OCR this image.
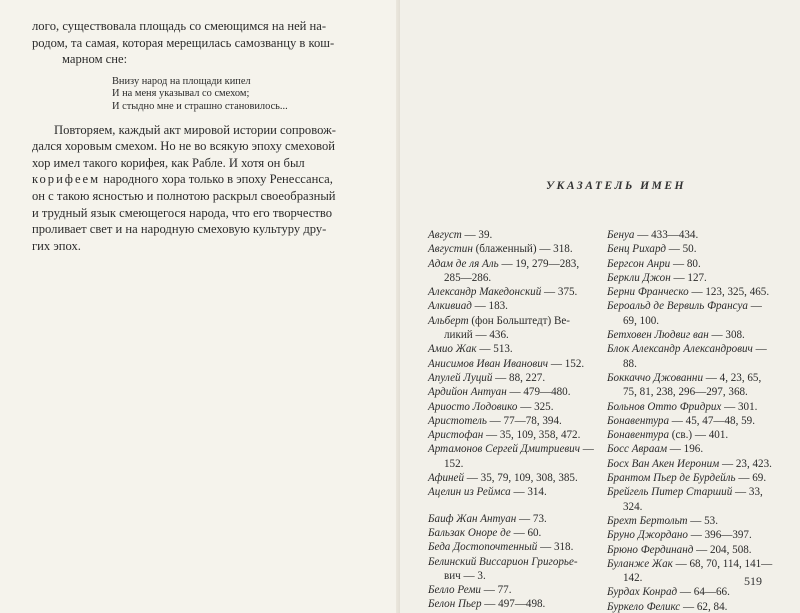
логo, существовала площадь со смеющимся на ней на-
родом, та самая, которая мерещилась самозванцу в кош-
марном сне:

Внизу народ на площади кипел
И на меня указывал со смехом;
И стыдно мне и страшно становилось...

Повторяем, каждый акт мировой истории сопровож-
дался хоровым смехом. Но не во всякую эпоху смеховой
хор имел такого корифея, как Рабле. И хотя он был
корифеем народного хора только в эпоху Ренессанса,
он с такою ясностью и полнотою раскрыл своеобразный
и трудный язык смеющегося народа, что его творчество
проливает свет и на народную смеховую культуру дру-
гих эпох.

УКАЗАТЕЛЬ ИМЕН
Август — 39.
Августин (блаженный) — 318.
Адам де ля Аль — 19, 279—283,
285—286.
Александр Македонский — 375.
Алкивиад — 183.
Альберт (фон Больштедт) Ве-
ликий — 436.
Амио Жак — 513.
Анисимов Иван Иванович — 152.
Апулей Луций — 88, 227.
Ардийон Антуан — 479—480.
Ариосто Лодовико — 325.
Аристотель — 77—78, 394.
Аристофан — 35, 109, 358, 472.
Артамонов Сергей Дмитриевич —
152.
Афиней — 35, 79, 109, 308, 385.
Ацелин из Реймса — 314.
Баиф Жан Антуан — 73.
Бальзак Оноре де — 60.
Беда Достопочтенный — 318.
Белинский Виссарион Григорье-
вич — 3.
Белло Реми — 77.
Белон Пьер — 497—498.
Бенуа — 433—434.
Бенц Рихард — 50.
Бергсон Анри — 80.
Беркли Джон — 127.
Берни Франческо — 123, 325, 465.
Бероальд де Вервиль Франсуа —
69, 100.
Бетховен Людвиг ван — 308.
Блок Александр Александрович —
88.
Боккаччо Джованни — 4, 23, 65,
75, 81, 238, 296—297, 368.
Больнов Отто Фридрих — 301.
Бонавентура — 45, 47—48, 59.
Бонавентура (св.) — 401.
Босс Авраам — 196.
Босх Ван Акен Иероним — 23, 423.
Брантом Пьер де Бурдейль — 69.
Брейгель Питер Старший — 33,
324.
Брехт Бертольт — 53.
Бруно Джордано — 396—397.
Брюно Фердинанд — 204, 508.
Буланже Жак — 68, 70, 114, 141—
142.
Бурдах Конрад — 64—66.
Буркело Феликс — 62, 84.
519
